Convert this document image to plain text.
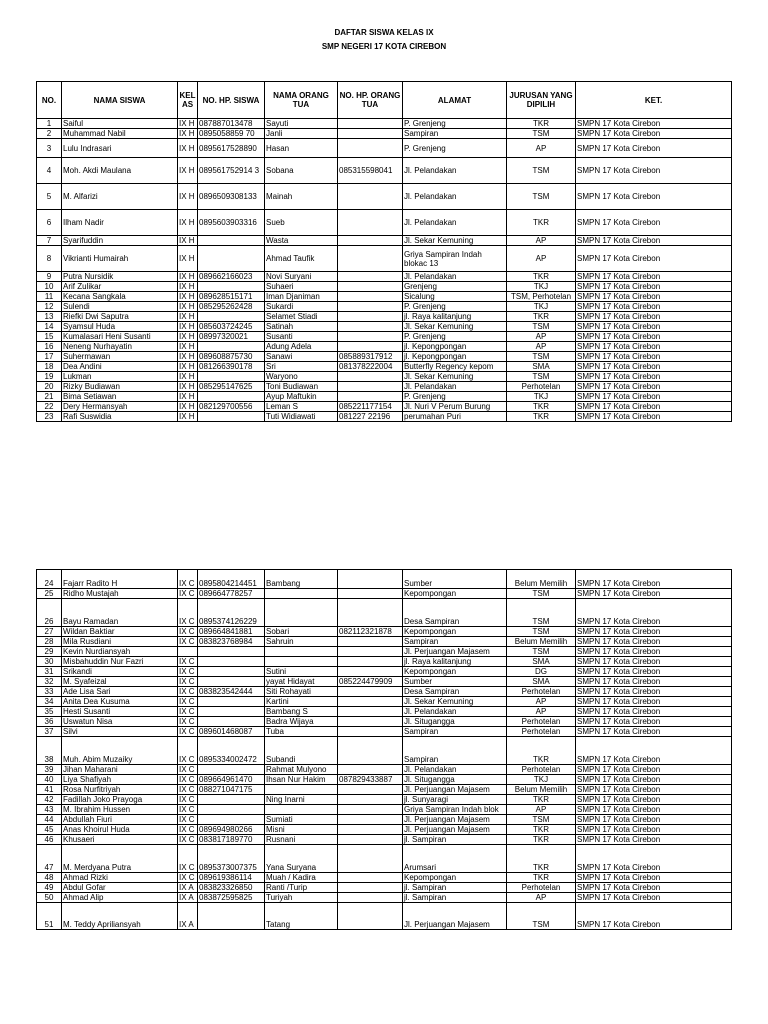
DAFTAR SISWA KELAS IX
SMP NEGERI 17 KOTA CIREBON
NO.	NAMA SISWA	KEL AS	NO. HP. SISWA	NAMA ORANG TUA	NO. HP. ORANG TUA	ALAMAT	JURUSAN YANG DIPILIH	KET.
1	Saiful	IX H	087887013478	Sayuti		P. Grenjeng	TKR	SMPN 17 Kota Cirebon
2	Muhammad Nabil	IX H	0895058859 70	Janli		Sampiran	TSM	SMPN 17 Kota Cirebon
3	Lulu Indrasari	IX H	0895617528890	Hasan		P. Grenjeng	AP	SMPN 17 Kota Cirebon
4	Moh. Akdi Maulana	IX H	089561752914 3	Sobana	085315598041	Jl. Pelandakan	TSM	SMPN 17 Kota Cirebon
5	M. Alfarizi	IX H	0896509308133	Mainah		Jl. Pelandakan	TSM	SMPN 17 Kota Cirebon
6	Ilham Nadir	IX H	0895603903316	Sueb		Jl. Pelandakan	TKR	SMPN 17 Kota Cirebon
7	Syarifuddin	IX H		Wasta		Jl. Sekar Kemuning	AP	SMPN 17 Kota Cirebon
8	Vikrianti Humairah	IX H		Ahmad Taufik		Griya Sampiran Indah blokac 13	AP	SMPN 17 Kota Cirebon
9	Putra Nursidik	IX H	089662166023	Novi Suryani		Jl. Pelandakan	TKR	SMPN 17 Kota Cirebon
10	Arif Zulikar	IX H		Suhaeri		Grenjeng	TKJ	SMPN 17 Kota Cirebon
11	Kecana Sangkala	IX H	089628515171	Iman Djaniman		Sicalung	TSM, Perhotelan	SMPN 17 Kota Cirebon
12	Sulendi	IX H	085295262428	Sukardi		P. Grenjeng	TKJ	SMPN 17 Kota Cirebon
13	Riefki Dwi Saputra	IX H		Selamet Stiadi		jl. Raya kalitanjung	TKR	SMPN 17 Kota Cirebon
14	Syamsul Huda	IX H	085603724245	Satinah		Jl. Sekar Kemuning	TSM	SMPN 17 Kota Cirebon
15	Kumalasari Heni Susanti	IX H	08997320021	Susanti		P. Grenjeng	AP	SMPN 17 Kota Cirebon
16	Neneng Nurhayatin	IX H		Adung Adela		jl. Kepongpongan	AP	SMPN 17 Kota Cirebon
17	Suhermawan	IX H	089608875730	Sanawi	085889317912	jl. Kepongpongan	TSM	SMPN 17 Kota Cirebon
18	Dea Andini	IX H	081266390178	Sri	081378222004	Butterfly Regency kepom	SMA	SMPN 17 Kota Cirebon
19	Lukman	IX H		Waryono		Jl. Sekar Kemuning	TSM	SMPN 17 Kota Cirebon
20	Rizky Budiawan	IX H	085295147625	Toni Budiawan		Jl. Pelandakan	Perhotelan	SMPN 17 Kota Cirebon
21	Bima Setiawan	IX H		Ayup Maftukin		P. Grenjeng	TKJ	SMPN 17 Kota Cirebon
22	Dery Hermansyah	IX H	082129700556	Leman S	085221177154	Jl. Nuri V Perum Burung	TKR	SMPN 17 Kota Cirebon
23	Rafi Suswidia	IX H		Tuti Widiawati	081227 22196	perumahan Puri	TKR	SMPN 17 Kota Cirebon
24	Fajarr Radito H	IX C	0895804214451	Bambang		Sumber	Belum Memilih	SMPN 17 Kota Cirebon
25	Ridho Mustajah	IX C	089664778257			Kepompongan	TSM	SMPN 17 Kota Cirebon
26	Bayu Ramadan	IX C	0895374126229			Desa Sampiran	TSM	SMPN 17 Kota Cirebon
27	Wildan Baktiar	IX C	089664841881	Sobari	082112321878	Kepompongan	TSM	SMPN 17 Kota Cirebon
28	Mila Rusdiani	IX C	083823768984	Sahruin		Sampiran	Belum Memilih	SMPN 17 Kota Cirebon
29	Kevin Nurdiansyah					Jl. Perjuangan Majasem	TSM	SMPN 17 Kota Cirebon
30	Misbahuddin Nur Fazri	IX C				jl. Raya kalitanjung	SMA	SMPN 17 Kota Cirebon
31	Srikandi	IX C		Sutini		Kepompongan	DG	SMPN 17 Kota Cirebon
32	M. Syafeizal	IX C		yayat Hidayat	085224479909	Sumber	SMA	SMPN 17 Kota Cirebon
33	Ade Lisa Sari	IX C	083823542444	Siti Rohayati		Desa Sampiran	Perhotelan	SMPN 17 Kota Cirebon
34	Anita Dea Kusuma	IX C		Kartini		Jl. Sekar Kemuning	AP	SMPN 17 Kota Cirebon
35	Hesti Susanti	IX C		Bambang S		Jl. Pelandakan	AP	SMPN 17 Kota Cirebon
36	Uswatun Nisa	IX C		Badra Wijaya		Jl. Situgangga	Perhotelan	SMPN 17 Kota Cirebon
37	Silvi	IX C	089601468087	Tuba		Sampiran	Perhotelan	SMPN 17 Kota Cirebon
38	Muh. Abim Muzaiky	IX C	0895334002472	Subandi		Sampiran	TKR	SMPN 17 Kota Cirebon
39	Jihan Maharani	IX C		Rahmat Mulyono		Jl. Pelandakan	Perhotelan	SMPN 17 Kota Cirebon
40	Liya Shafiyah	IX C	089664961470	Ihsan Nur Hakim	087829433887	Jl. Situgangga	TKJ	SMPN 17 Kota Cirebon
41	Rosa Nurfitriyah	IX C	088271047175			Jl. Perjuangan Majasem	Belum Memilih	SMPN 17 Kota Cirebon
42	Fadillah Joko Prayoga	IX C		Ning Inarni		jl. Sunyaragi	TKR	SMPN 17 Kota Cirebon
43	M. Ibrahim Hussen	IX C				Griya Sampiran Indah blok	AP	SMPN 17 Kota Cirebon
44	Abdullah Fiuri	IX C		Sumiati		Jl. Perjuangan Majasem	TSM	SMPN 17 Kota Cirebon
45	Anas Khoirul Huda	IX C	089694980266	Misni		Jl. Perjuangan Majasem	TKR	SMPN 17 Kota Cirebon
46	Khusaeri	IX C	083817189770	Rusnani		jl. Sampiran	TKR	SMPN 17 Kota Cirebon
47	M. Merdyana Putra	IX C	0895373007375	Yana Suryana		Arumsari	TKR	SMPN 17 Kota Cirebon
48	Ahmad Rizki	IX C	089619386114	Muah / Kadira		Kepompongan	TKR	SMPN 17 Kota Cirebon
49	Abdul Gofar	IX A	083823326850	Ranti /Turip		jl. Sampiran	Perhotelan	SMPN 17 Kota Cirebon
50	Ahmad Alip	IX A	083872595825	Turiyah		jl. Sampiran	AP	SMPN 17 Kota Cirebon
51	M. Teddy Apriliansyah	IX A		Tatang		Jl. Perjuangan Majasem	TSM	SMPN 17 Kota Cirebon
